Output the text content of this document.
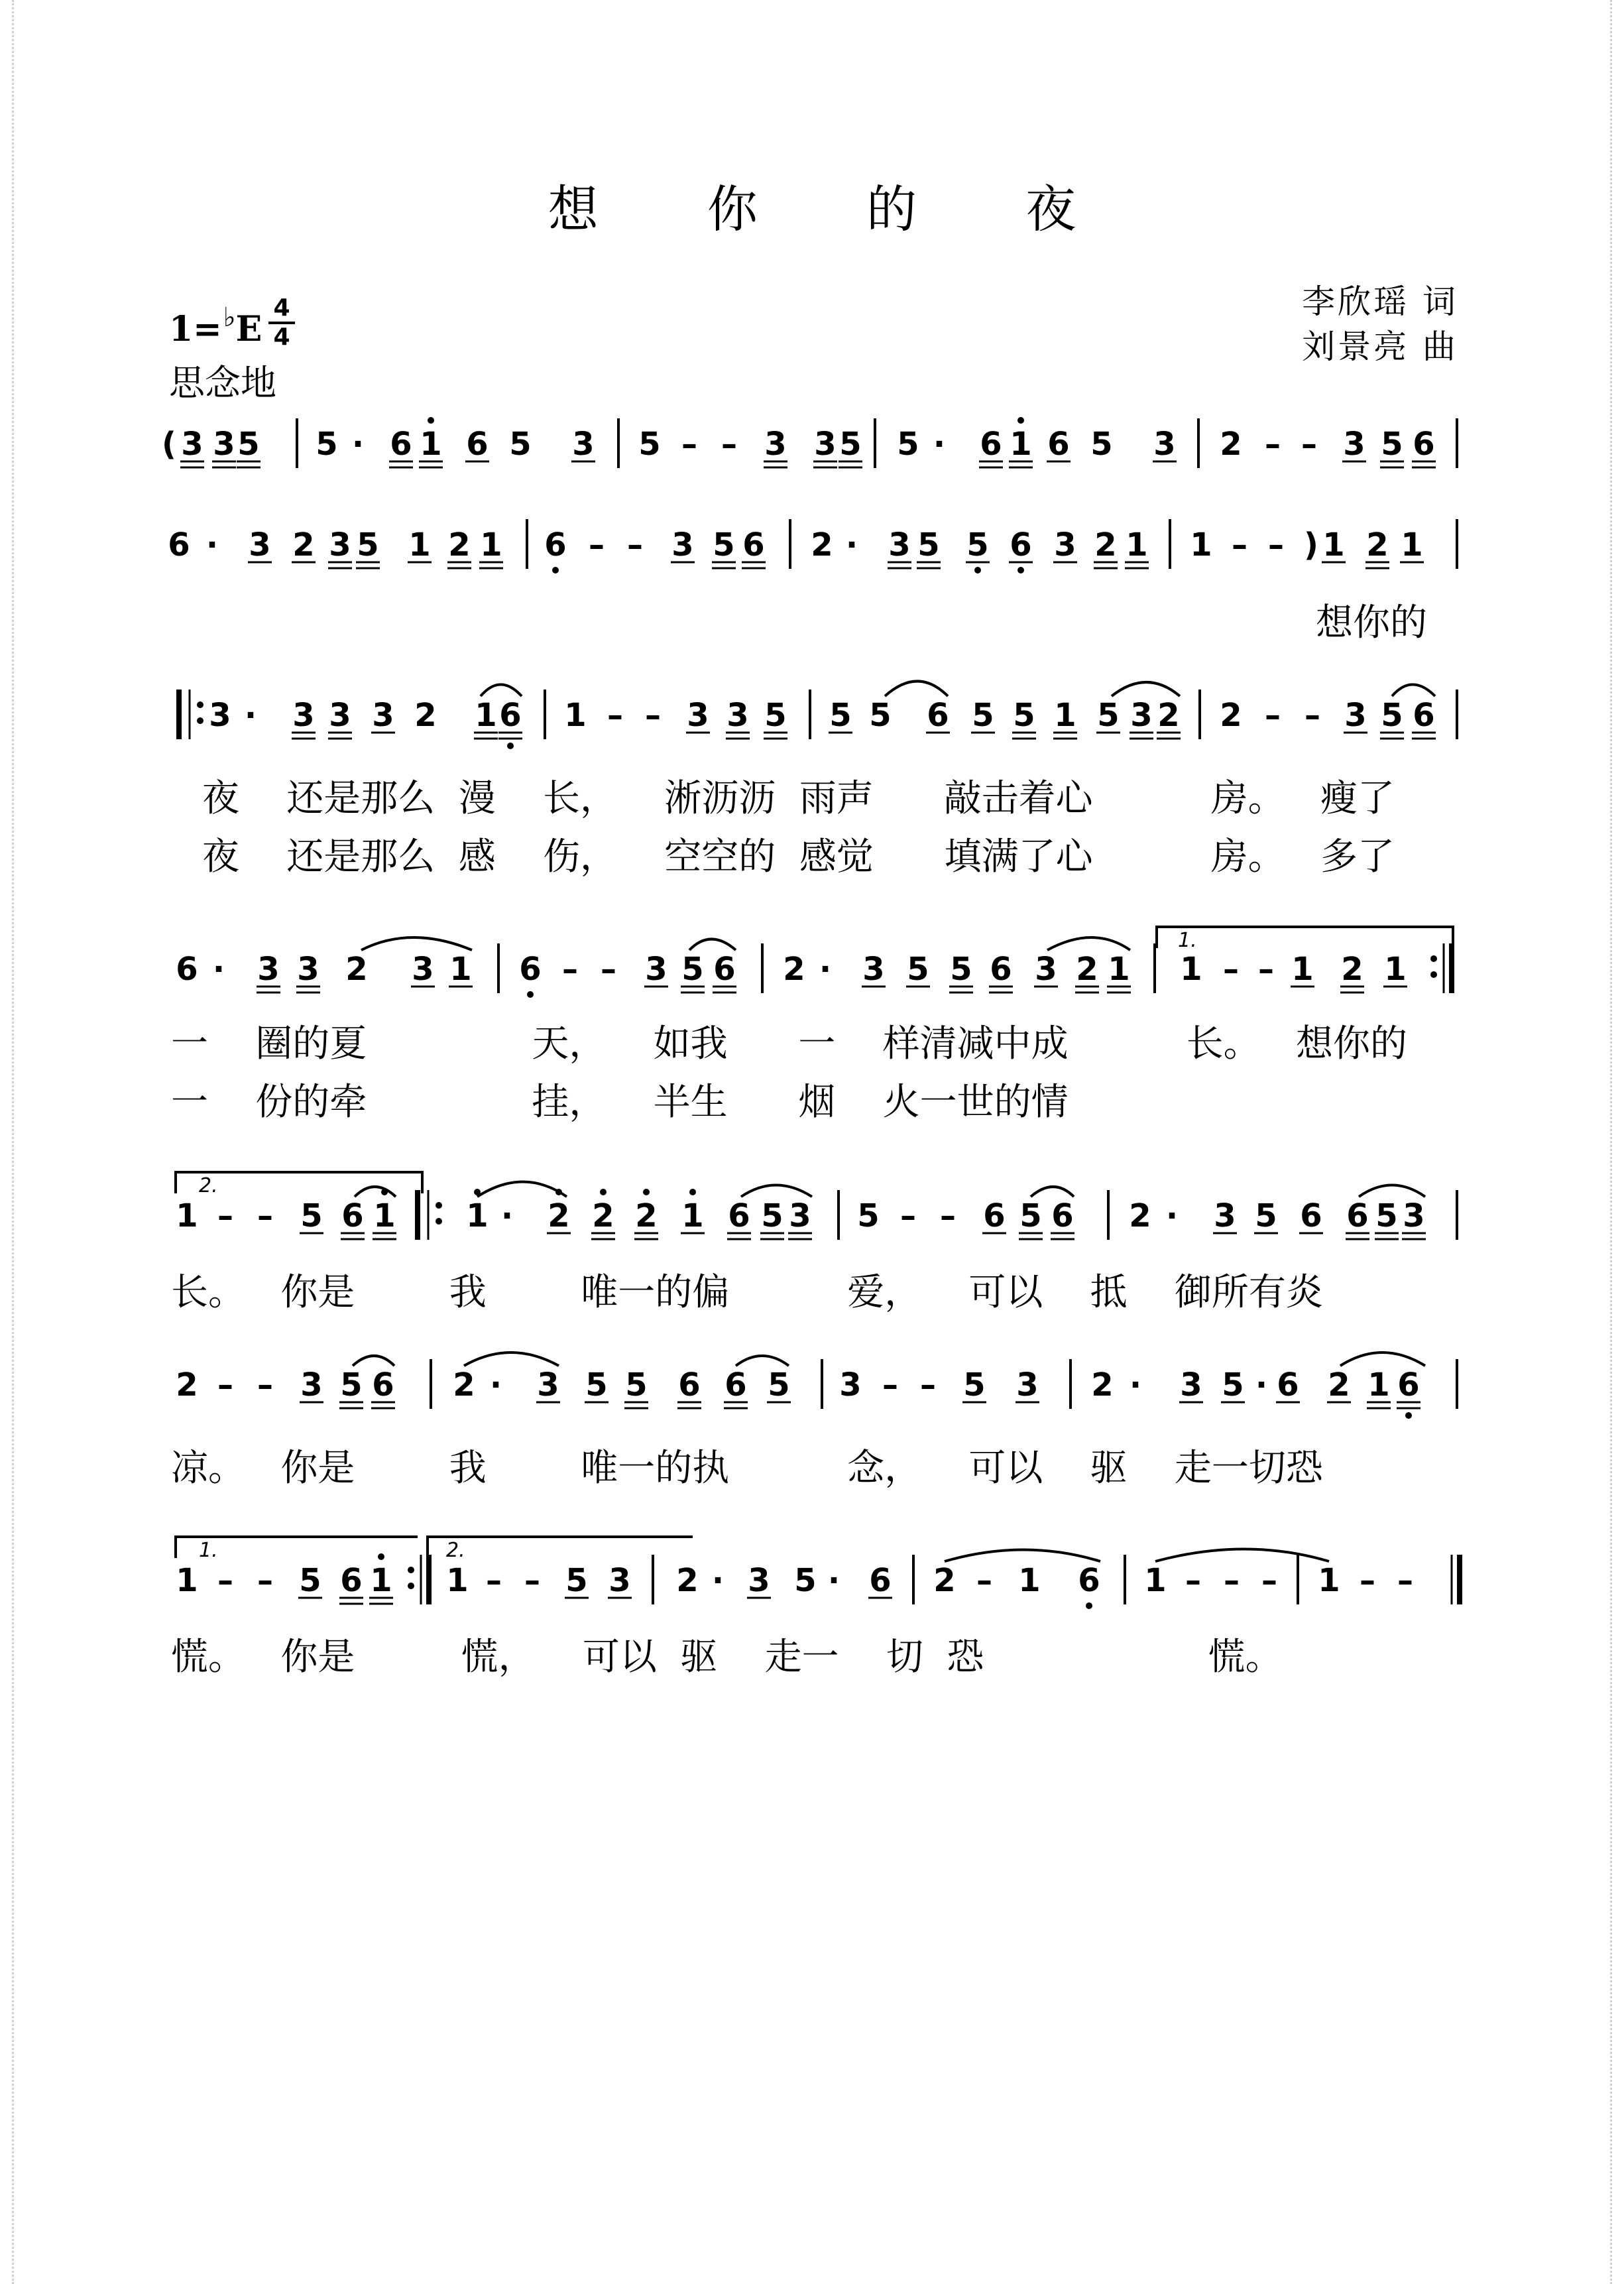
想 你 的 夜
李欣瑶 词
刘景亮 曲
1=♭E
4
4
思念地
( 3 3 5 5 · 6 1 6 5 3 5 – – 3 3 5 5 · 6 1 6 5 3 2 – – 3 5 6
6 · 3 2 3 5 1 2 1 6 – – 3 5 6 2 · 3 5 5 6 3 2 1 1 – – ) 1 2 1
3 · 3 3 3 2 1 6 1 – – 3 3 5 5 5 6 5 5 1 5 3 2 2 – – 3 5 6
6 · 3 3 2 3 1 6 – – 3 5 6 2 · 3 5 5 6 3 2 1 1 – – 1 2 1
1 – – 5 6 1 1 · 2 2 2 1 6 5 3 5 – – 6 5 6 2 · 3 5 6 6 5 3
2 – – 3 5 6 2 · 3 5 5 6 6 5 3 – – 5 3 2 · 3 5 · 6 2 1 6
1 – – 5 6 1 1 – – 5 3 2 · 3 5 · 6 2 – 1 6 1 – – – 1 – –
1.
2.
1.	2.
想你的
夜    还是那么  漫    长，    淅沥沥  雨声      敲击着心          房。   瘦了
夜    还是那么  感    伤，    空空的  感觉      填满了心          房。   多了
一    圈的夏              天，    如我      一    样清减中成          长。   想你的
一    份的牵              挂，    半生      烟    火一世的情
长。   你是        我        唯一的偏          爱，    可以    抵    御所有炎
凉。   你是        我        唯一的执          念，    可以    驱    走一切恐
慌。   你是         慌，    可以  驱    走一    切  恐                   慌。
